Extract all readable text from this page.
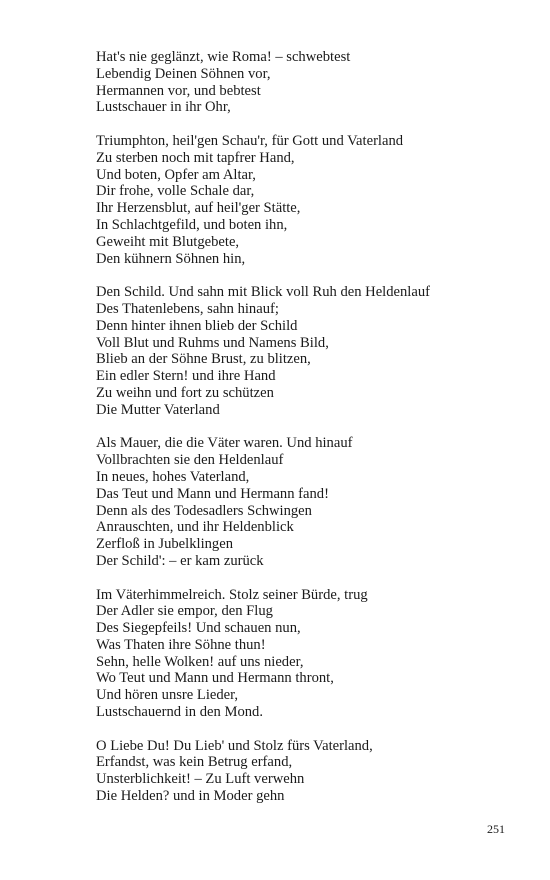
Hat's nie geglänzt, wie Roma! – schwebtest
Lebendig Deinen Söhnen vor,
Hermannen vor, und bebtest
Lustschauer in ihr Ohr,
Triumphton, heil'gen Schau'r, für Gott und Vaterland
Zu sterben noch mit tapfrer Hand,
Und boten, Opfer am Altar,
Dir frohe, volle Schale dar,
Ihr Herzensblut, auf heil'ger Stätte,
In Schlachtgefild, und boten ihn,
Geweiht mit Blutgebete,
Den kühnern Söhnen hin,
Den Schild. Und sahn mit Blick voll Ruh den Heldenlauf
Des Thatenlebens, sahn hinauf;
Denn hinter ihnen blieb der Schild
Voll Blut und Ruhms und Namens Bild,
Blieb an der Söhne Brust, zu blitzen,
Ein edler Stern! und ihre Hand
Zu weihn und fort zu schützen
Die Mutter Vaterland
Als Mauer, die die Väter waren. Und hinauf
Vollbrachten sie den Heldenlauf
In neues, hohes Vaterland,
Das Teut und Mann und Hermann fand!
Denn als des Todesadlers Schwingen
Anrauschten, und ihr Heldenblick
Zerfloß in Jubelklingen
Der Schild': – er kam zurück
Im Väterhimmelreich. Stolz seiner Bürde, trug
Der Adler sie empor, den Flug
Des Siegepfeils! Und schauen nun,
Was Thaten ihre Söhne thun!
Sehn, helle Wolken! auf uns nieder,
Wo Teut und Mann und Hermann thront,
Und hören unsre Lieder,
Lustschauernd in den Mond.
O Liebe Du! Du Lieb' und Stolz fürs Vaterland,
Erfandst, was kein Betrug erfand,
Unsterblichkeit! – Zu Luft verwehn
Die Helden? und in Moder gehn
251
